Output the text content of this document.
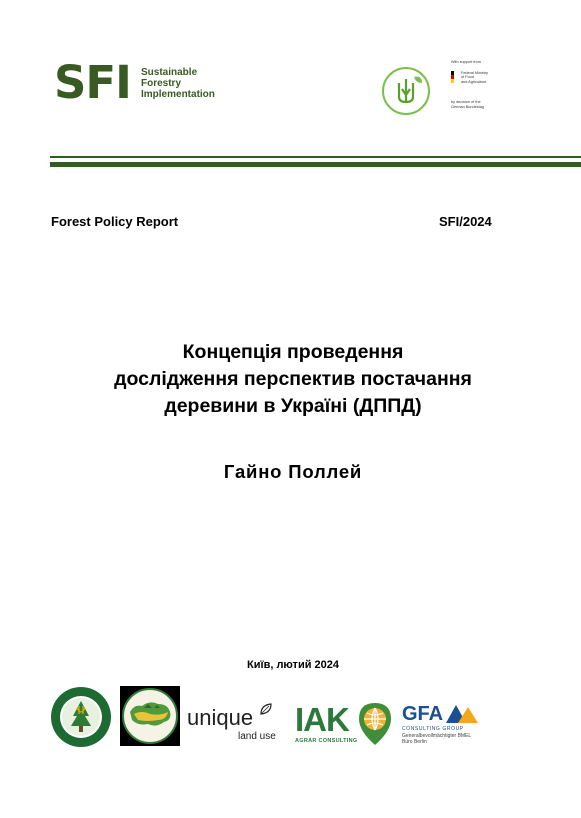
SFI Sustainable
Forestry
Implementation
With support from
Federal Ministry
of Food
and Agriculture
by decision of the
German Bundestag
Forest Policy Report	SFI/2024
Концепція проведення
дослідження перспектив постачання
деревини в Україні (ДППД)
Гайно Поллей
Київ, лютий 2024
unique
land use IAK
AGRAR CONSULTING
GFA
CONSULTING GROUP
Generalbevollmächtigter BMEL
Büro Berlin
